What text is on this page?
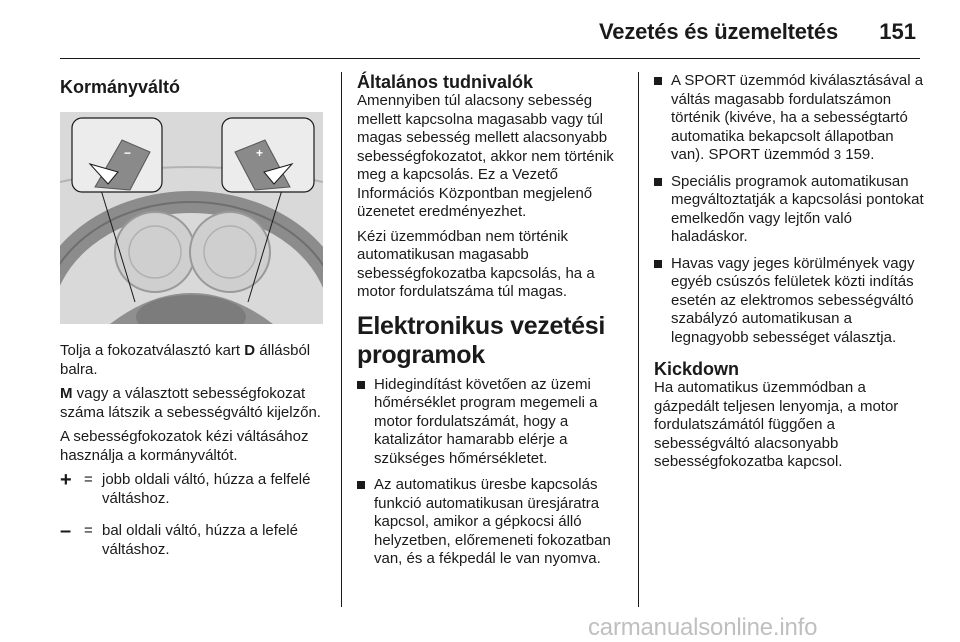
Vezetés és üzemeltetés 151
Kormányváltó
−	+

Tolja a fokozatválasztó kart D állásból balra.

M vagy a választott sebességfokozat száma látszik a sebességváltó kijelzőn.

A sebességfokozatok kézi váltásához használja a kormányváltót.

+ = jobb oldali váltó, húzza a felfelé váltáshoz.
– = bal oldali váltó, húzza a lefelé váltáshoz.
Általános tudnivalók

Amennyiben túl alacsony sebesség mellett kapcsolna magasabb vagy túl magas sebesség mellett alacsonyabb sebességfokozatot, akkor nem történik meg a kapcsolás. Ez a Vezető Információs Központban megjelenő üzenetet eredményezhet.

Kézi üzemmódban nem történik automatikusan magasabb sebességfokozatba kapcsolás, ha a motor fordulatszáma túl magas.

Elektronikus vezetési programok
Hidegindítást követően az üzemi hőmérséklet program megemeli a motor fordulatszámát, hogy a katalizátor hamarabb elérje a szükséges hőmérsékletet.
Az automatikus üresbe kapcsolás funkció automatikusan üresjáratra kapcsol, amikor a gépkocsi álló helyzetben, előremeneti fokozatban van, és a fékpedál le van nyomva.
A SPORT üzemmód kiválasztásával a váltás magasabb fordulatszámon történik (kivéve, ha a sebességtartó automatika bekapcsolt állapotban van). SPORT üzemmód 3 159.
Speciális programok automatikusan megváltoztatják a kapcsolási pontokat emelkedőn vagy lejtőn való haladáskor.
Havas vagy jeges körülmények vagy egyéb csúszós felületek közti indítás esetén az elektromos sebességváltó szabályzó automatikusan a legnagyobb sebességet választja.
Kickdown

Ha automatikus üzemmódban a gázpedált teljesen lenyomja, a motor fordulatszámától függően a sebességváltó alacsonyabb sebességfokozatba kapcsol.

carmanualsonline.info
